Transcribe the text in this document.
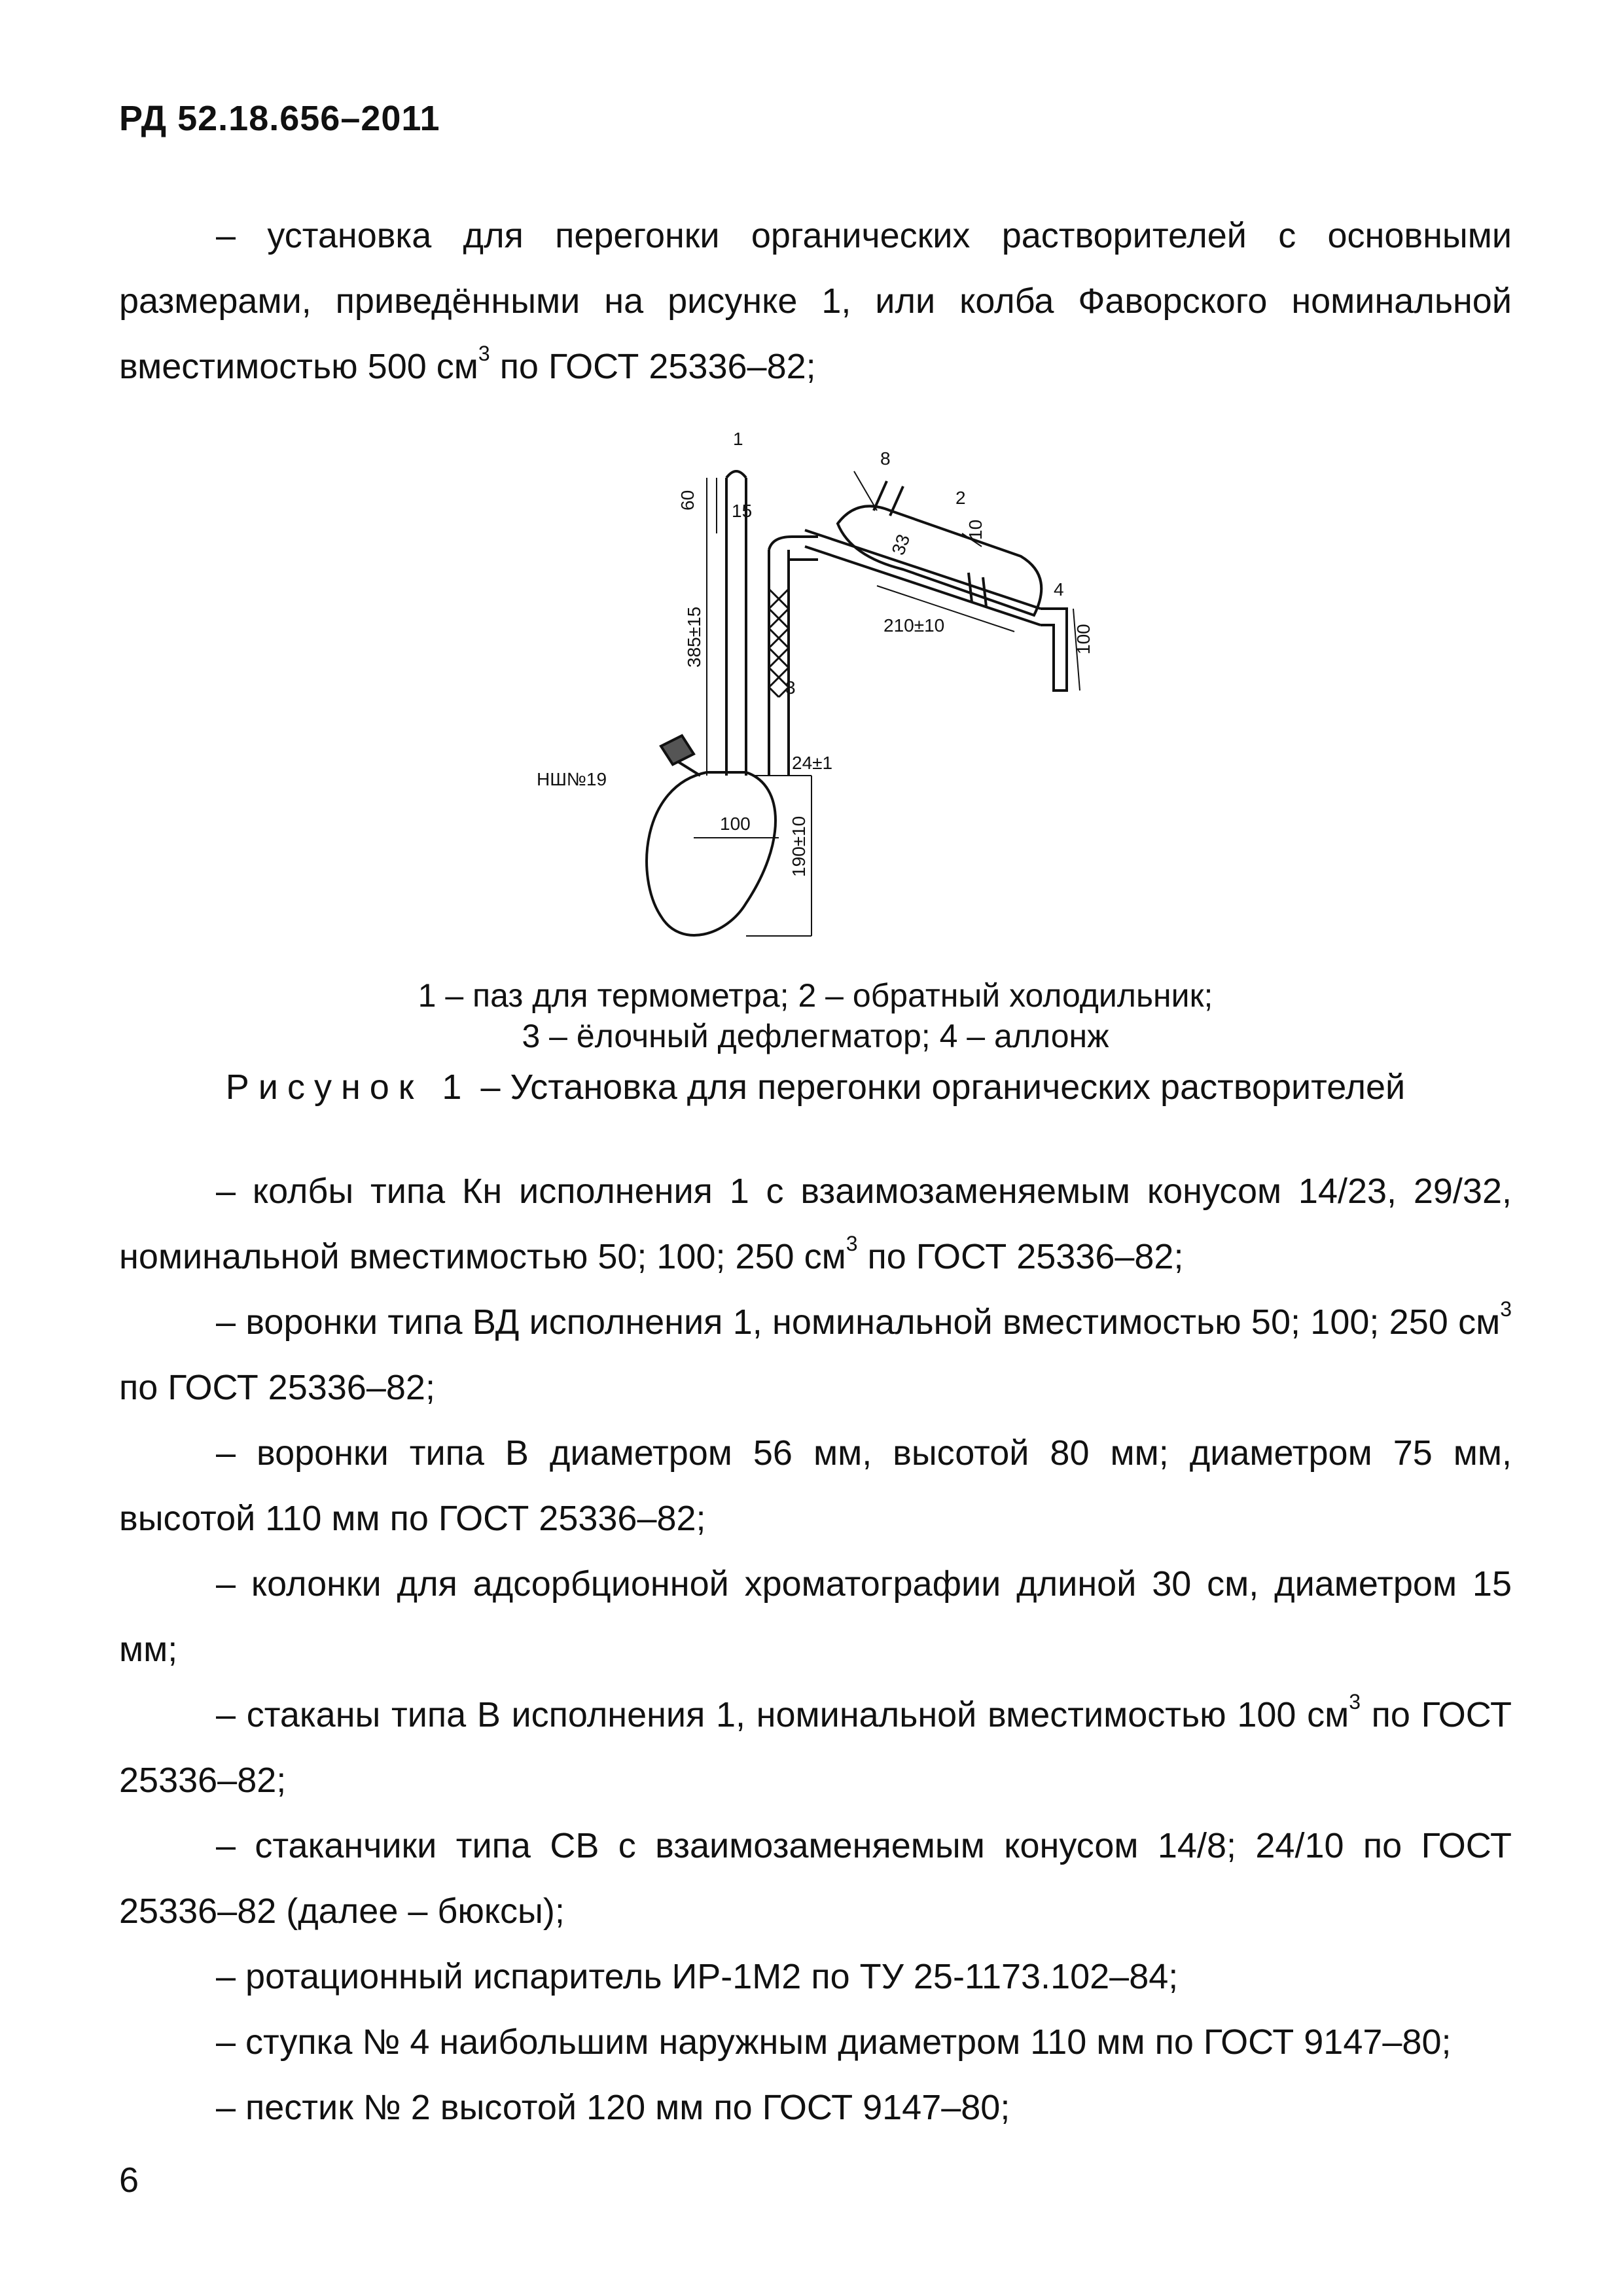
РД 52.18.656–2011

– установка для перегонки органических растворителей с основными размерами, приведёнными на рисунке 1, или колба Фаворского номинальной вместимостью 500 $см^3$ по ГОСТ 25336–82;

1
8
2
3
4
60
15
385±15
33
10
100
210±10
24±1
100 190±10
НШ№19
1 – паз для термометра; 2 – обратный холодильник;
3 – ёлочный дефлегматор; 4 – аллонж
Рисунок 1 – Установка для перегонки органических растворителей

– колбы типа Кн исполнения 1 с взаимозаменяемым конусом 14/23, 29/32, номинальной вместимостью 50; 100; 250 $см^3$ по ГОСТ 25336–82;

– воронки типа ВД исполнения 1, номинальной вместимостью 50; 100; 250 $см^3$ по ГОСТ 25336–82;

– воронки типа В диаметром 56 мм, высотой 80 мм; диаметром 75 мм, высотой 110 мм по ГОСТ 25336–82;

– колонки для адсорбционной хроматографии длиной 30 см, диаметром 15 мм;

– стаканы типа В исполнения 1, номинальной вместимостью 100 $см^3$ по ГОСТ 25336–82;

– стаканчики типа СВ с взаимозаменяемым конусом 14/8; 24/10 по ГОСТ 25336–82 (далее – бюксы);

– ротационный испаритель ИР-1М2 по ТУ 25-1173.102–84;

– ступка № 4 наибольшим наружным диаметром 110 мм по ГОСТ 9147–80;

– пестик № 2 высотой 120 мм по ГОСТ 9147–80;

6
